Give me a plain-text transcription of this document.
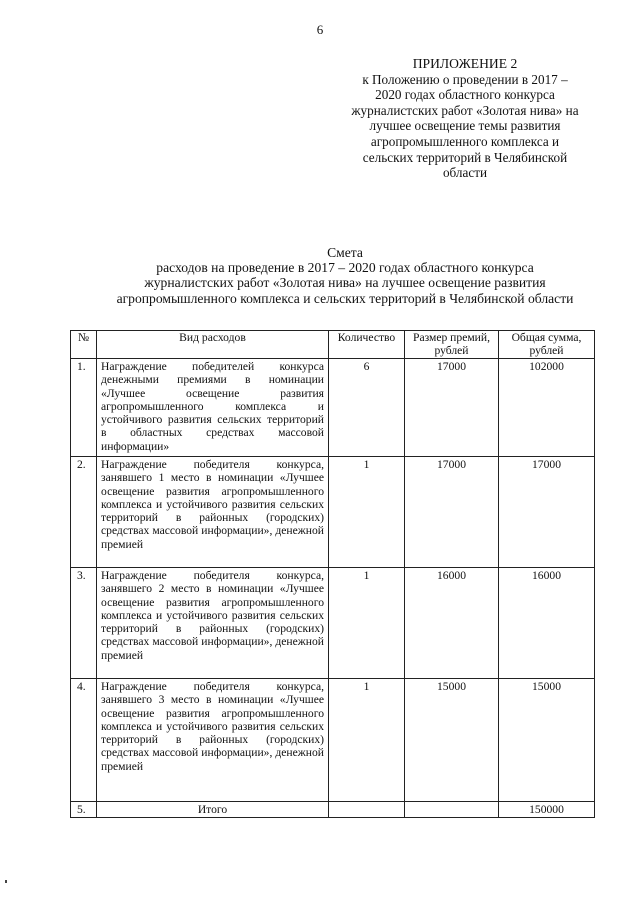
6
ПРИЛОЖЕНИЕ 2
к Положению о проведении в 2017 –
2020 годах областного конкурса
журналистских работ «Золотая нива» на
лучшее освещение темы развития
агропромышленного комплекса и
сельских территорий в Челябинской
области
Смета
расходов на проведение в 2017 – 2020 годах областного конкурса
журналистских работ «Золотая нива» на лучшее освещение развития
агропромышленного комплекса и сельских территорий в Челябинской области
№	Вид расходов	Количество	Размер премий, рублей	Общая сумма, рублей
1.	Награждение победителей конкурса денежными премиями в номинации «Лучшее освещение развития агропромышленного комплекса и устойчивого развития сельских территорий в областных средствах массовой информации»	6	17000	102000
2.	Награждение победителя конкурса, занявшего 1 место в номинации «Лучшее освещение развития агропромышленного комплекса и устойчивого развития сельских территорий в районных (городских) средствах массовой информации», денежной премией	1	17000	17000
3.	Награждение победителя конкурса, занявшего 2 место в номинации «Лучшее освещение развития агропромышленного комплекса и устойчивого развития сельских территорий в районных (городских) средствах массовой информации», денежной премией	1	16000	16000
4.	Награждение победителя конкурса, занявшего 3 место в номинации «Лучшее освещение развития агропромышленного комплекса и устойчивого развития сельских территорий в районных (городских) средствах массовой информации», денежной премией	1	15000	15000
5.	Итого			150000
